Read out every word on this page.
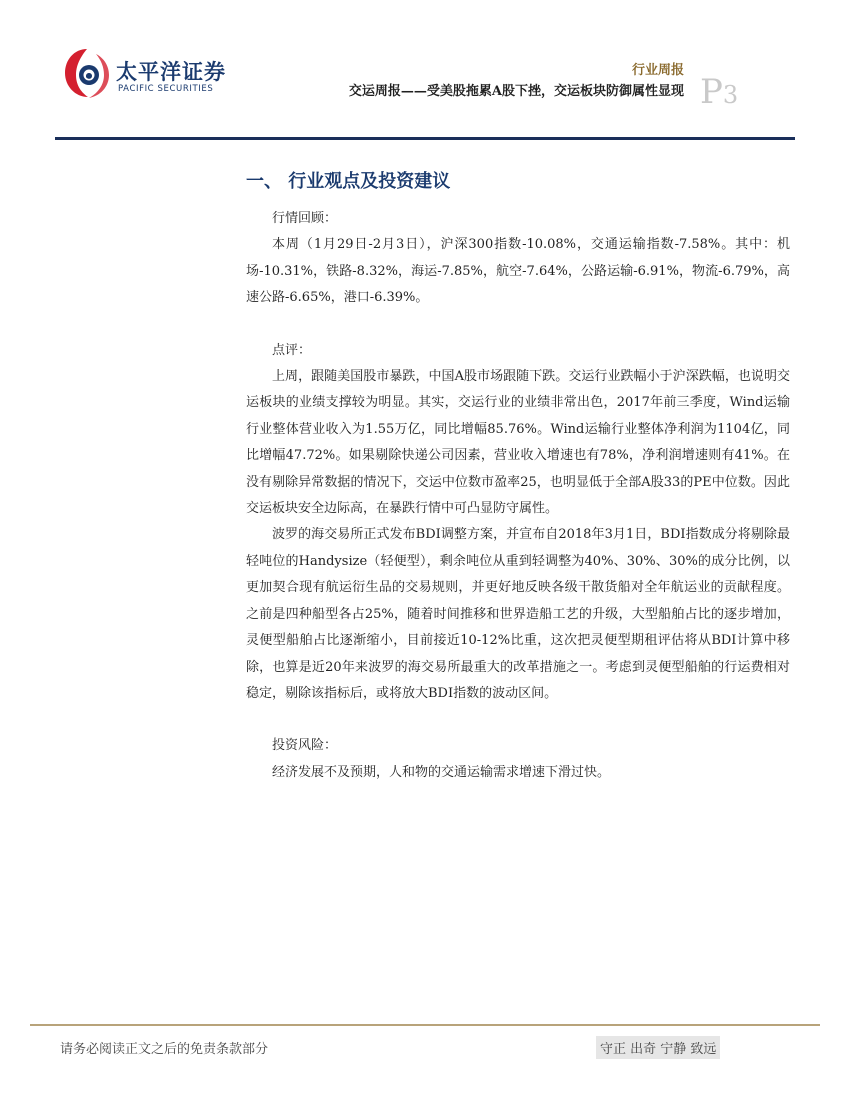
太平洋证券
PACIFIC SECURITIES
行业周报
交运周报——受美股拖累A股下挫，交运板块防御属性显现 P3
一、 行业观点及投资建议

行情回顾：

本周（1月29日-2月3日），沪深300指数-10.08%，交通运输指数-7.58%。其中：机场-10.31%，铁路-8.32%，海运-7.85%，航空-7.64%，公路运输-6.91%，物流-6.79%，高速公路-6.65%，港口-6.39%。

点评：

上周，跟随美国股市暴跌，中国A股市场跟随下跌。交运行业跌幅小于沪深跌幅，也说明交运板块的业绩支撑较为明显。其实，交运行业的业绩非常出色，2017年前三季度，Wind运输行业整体营业收入为1.55万亿，同比增幅85.76%。Wind运输行业整体净利润为1104亿，同比增幅47.72%。如果剔除快递公司因素，营业收入增速也有78%，净利润增速则有41%。在没有剔除异常数据的情况下，交运中位数市盈率25，也明显低于全部A股33的PE中位数。因此交运板块安全边际高，在暴跌行情中可凸显防守属性。

波罗的海交易所正式发布BDI调整方案，并宣布自2018年3月1日，BDI指数成分将剔除最轻吨位的Handysize（轻便型），剩余吨位从重到轻调整为40%、30%、30%的成分比例，以更加契合现有航运衍生品的交易规则，并更好地反映各级干散货船对全年航运业的贡献程度。之前是四种船型各占25%，随着时间推移和世界造船工艺的升级，大型船舶占比的逐步增加，灵便型船舶占比逐渐缩小，目前接近10-12%比重，这次把灵便型期租评估将从BDI计算中移除，也算是近20年来波罗的海交易所最重大的改革措施之一。考虑到灵便型船舶的行运费相对稳定，剔除该指标后，或将放大BDI指数的波动区间。

投资风险：

经济发展不及预期，人和物的交通运输需求增速下滑过快。

请务必阅读正文之后的免责条款部分	守正 出奇 宁静 致远
